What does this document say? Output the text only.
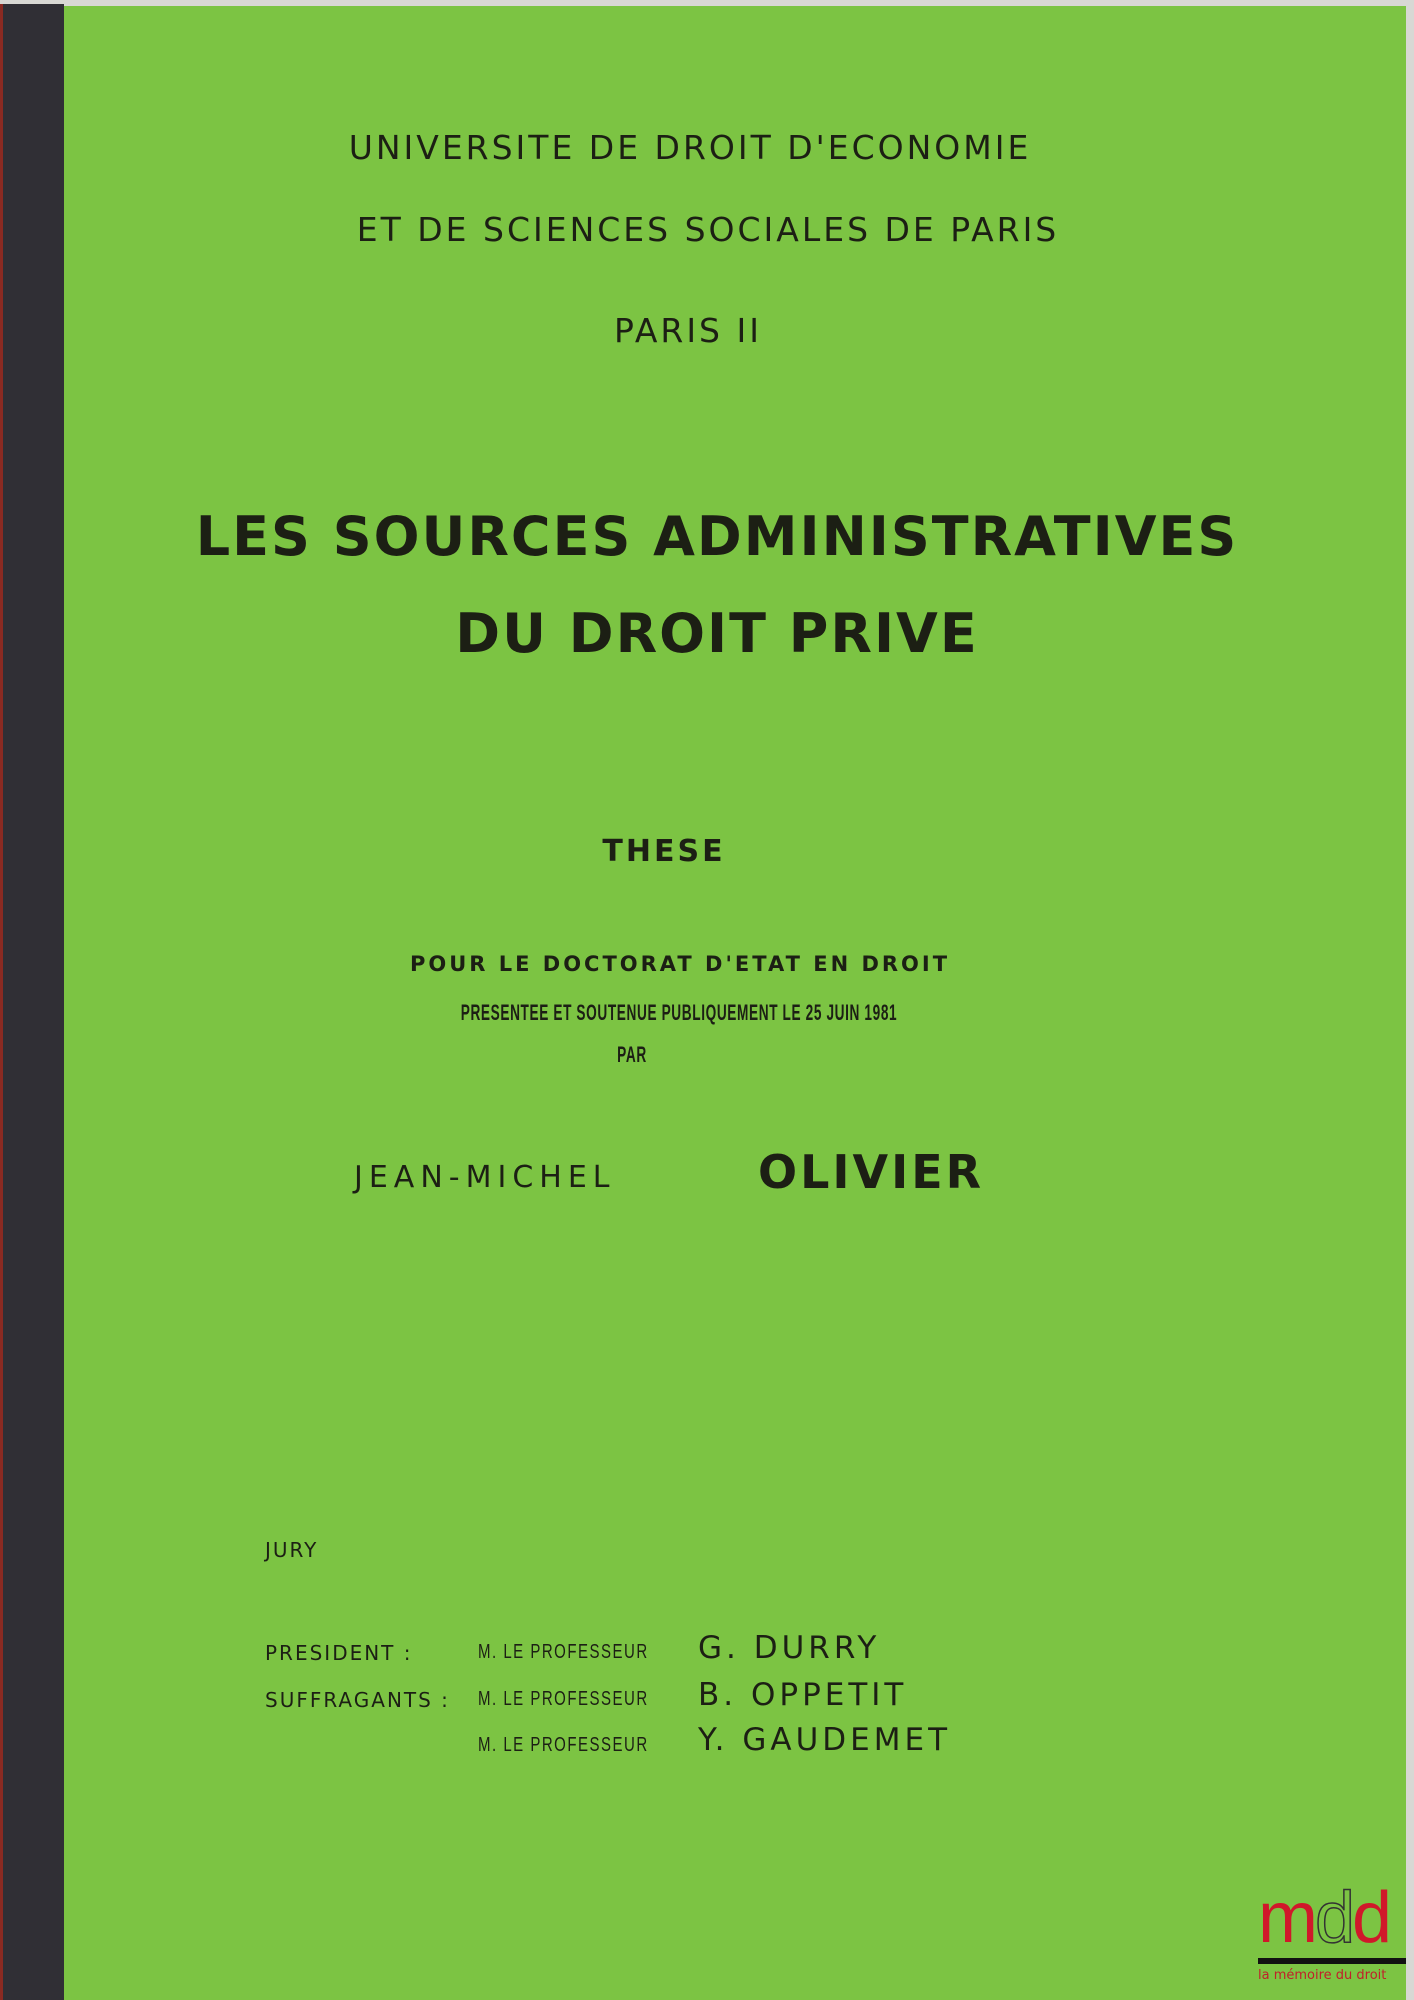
UNIVERSITE DE DROIT D'ECONOMIE
ET DE SCIENCES SOCIALES DE PARIS
PARIS II
LES SOURCES ADMINISTRATIVES
DU DROIT PRIVE
THESE
POUR LE DOCTORAT D'ETAT EN DROIT
PRESENTEE ET SOUTENUE PUBLIQUEMENT LE 25 JUIN 1981
PAR
JEAN-MICHEL	OLIVIER
JURY
PRESIDENT :	M. LE PROFESSEUR G. DURRY
SUFFRAGANTS : M. LE PROFESSEUR B. OPPETIT
M. LE PROFESSEUR Y. GAUDEMET
mdd
la mémoire du droit
